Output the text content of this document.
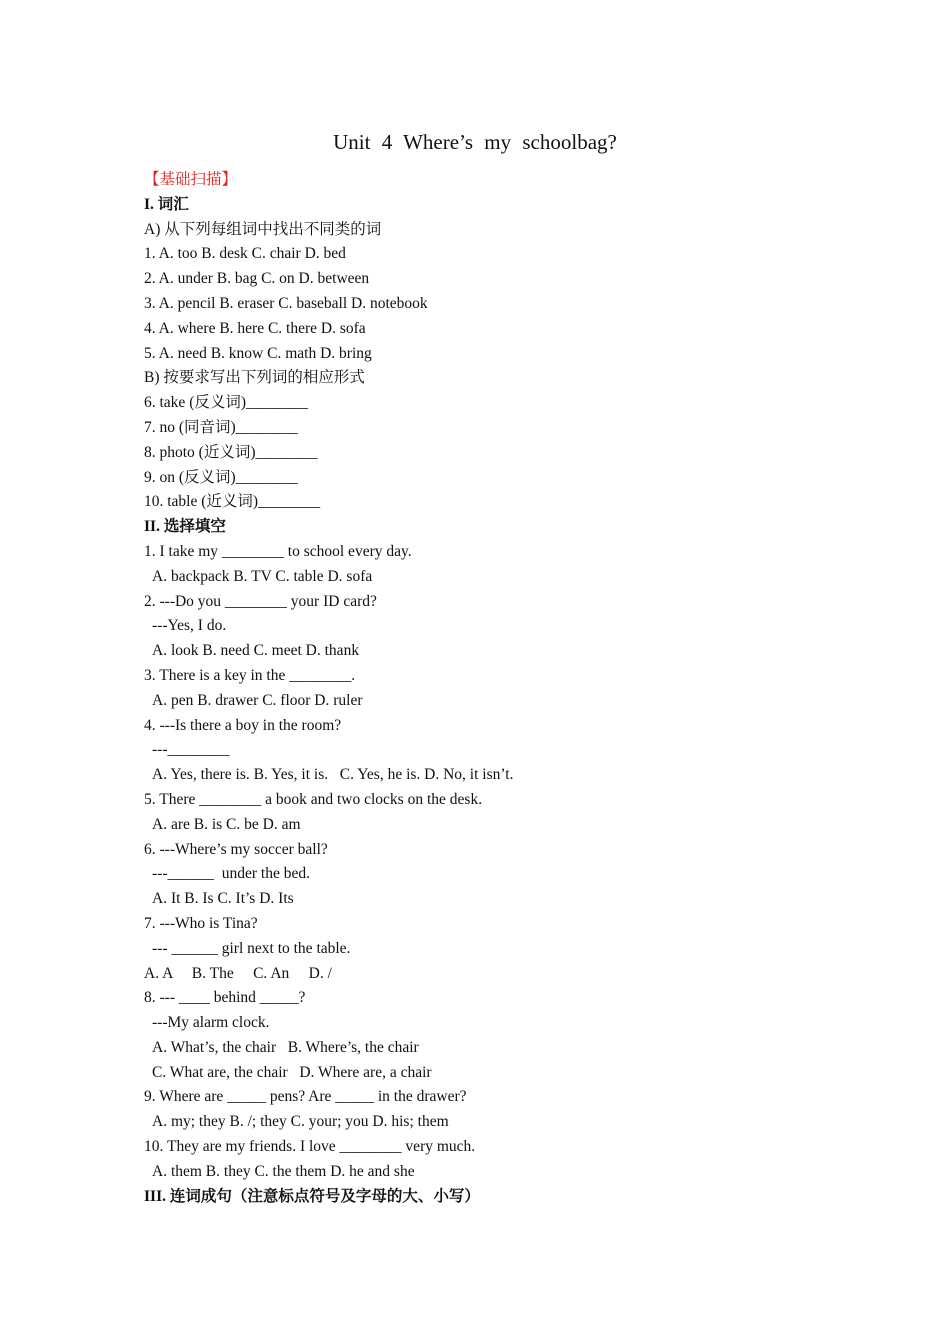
Unit 4 Where’s my schoolbag?
【基础扫描】
I. 词汇
A) 从下列每组词中找出不同类的词
1. A. too B. desk C. chair D. bed
2. A. under B. bag C. on D. between
3. A. pencil B. eraser C. baseball D. notebook
4. A. where B. here C. there D. sofa
5. A. need B. know C. math D. bring
B) 按要求写出下列词的相应形式
6. take (反义词)________
7. no (同音词)________
8. photo (近义词)________
9. on (反义词)________
10. table (近义词)________
II. 选择填空
1. I take my ________ to school every day.
A. backpack B. TV C. table D. sofa
2. ---Do you ________ your ID card?
---Yes, I do.
A. look B. need C. meet D. thank
3. There is a key in the ________.
A. pen B. drawer C. floor D. ruler
4. ---Is there a boy in the room?
---________
A. Yes, there is. B. Yes, it is.   C. Yes, he is. D. No, it isn’t.
5. There ________ a book and two clocks on the desk.
A. are B. is C. be D. am
6. ---Where’s my soccer ball?
---______  under the bed.
A. It B. Is C. It’s D. Its
7. ---Who is Tina?
--- ______ girl next to the table.
A. A     B. The     C. An     D. /
8. --- ____ behind _____?
---My alarm clock.
A. What’s, the chair   B. Where’s, the chair
C. What are, the chair   D. Where are, a chair
9. Where are _____ pens? Are _____ in the drawer?
A. my; they B. /; they C. your; you D. his; them
10. They are my friends. I love ________ very much.
A. them B. they C. the them D. he and she
III. 连词成句（注意标点符号及字母的大、小写）
